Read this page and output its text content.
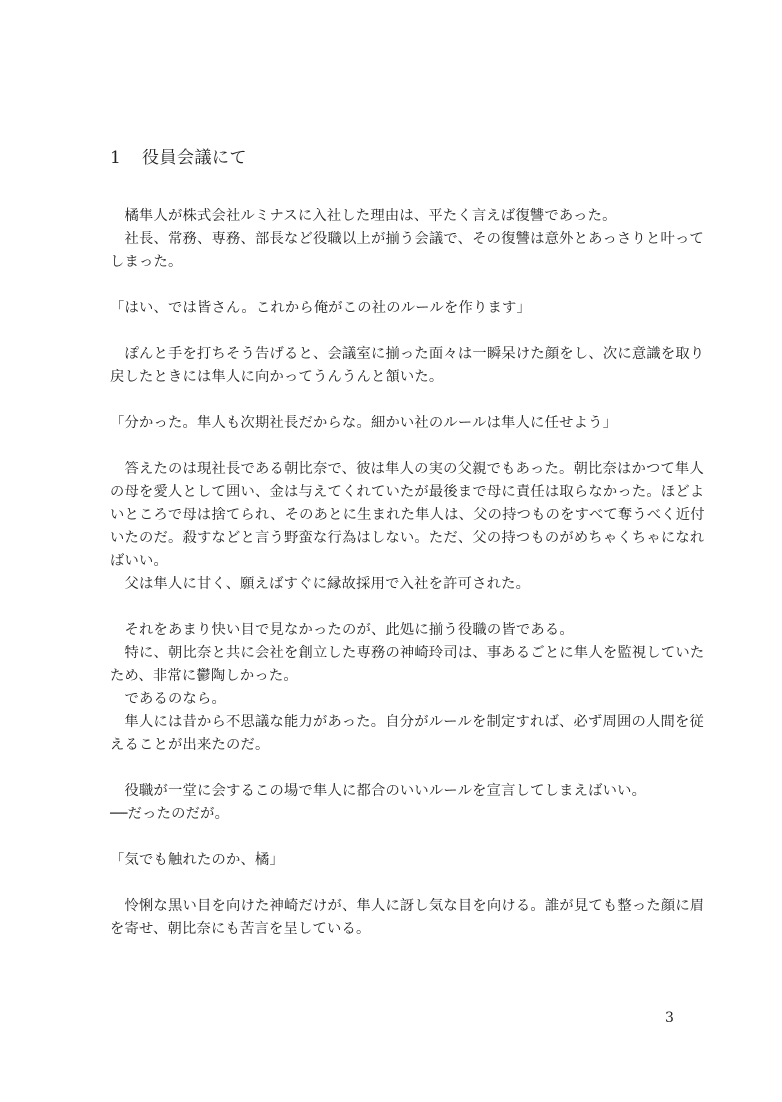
1 役員会議にて

　橘隼人が株式会社ルミナスに入社した理由は、平たく言えば復讐であった。

　社長、常務、専務、部長など役職以上が揃う会議で、その復讐は意外とあっさりと叶って

しまった。

「はい、では皆さん。これから俺がこの社のルールを作ります」

　ぽんと手を打ちそう告げると、会議室に揃った面々は一瞬呆けた顔をし、次に意識を取り

戻したときには隼人に向かってうんうんと頷いた。

「分かった。隼人も次期社長だからな。細かい社のルールは隼人に任せよう」

　答えたのは現社長である朝比奈で、彼は隼人の実の父親でもあった。朝比奈はかつて隼人

の母を愛人として囲い、金は与えてくれていたが最後まで母に責任は取らなかった。ほどよ

いところで母は捨てられ、そのあとに生まれた隼人は、父の持つものをすべて奪うべく近付

いたのだ。殺すなどと言う野蛮な行為はしない。ただ、父の持つものがめちゃくちゃになれ

ばいい。

　父は隼人に甘く、願えばすぐに縁故採用で入社を許可された。

　それをあまり快い目で見なかったのが、此処に揃う役職の皆である。

　特に、朝比奈と共に会社を創立した専務の神崎玲司は、事あるごとに隼人を監視していた

ため、非常に鬱陶しかった。

　であるのなら。

　隼人には昔から不思議な能力があった。自分がルールを制定すれば、必ず周囲の人間を従

えることが出来たのだ。

　役職が一堂に会するこの場で隼人に都合のいいルールを宣言してしまえばいい。

──だったのだが。

「気でも触れたのか、橘」

　怜悧な黒い目を向けた神崎だけが、隼人に訝し気な目を向ける。誰が見ても整った顔に眉

を寄せ、朝比奈にも苦言を呈している。

3
